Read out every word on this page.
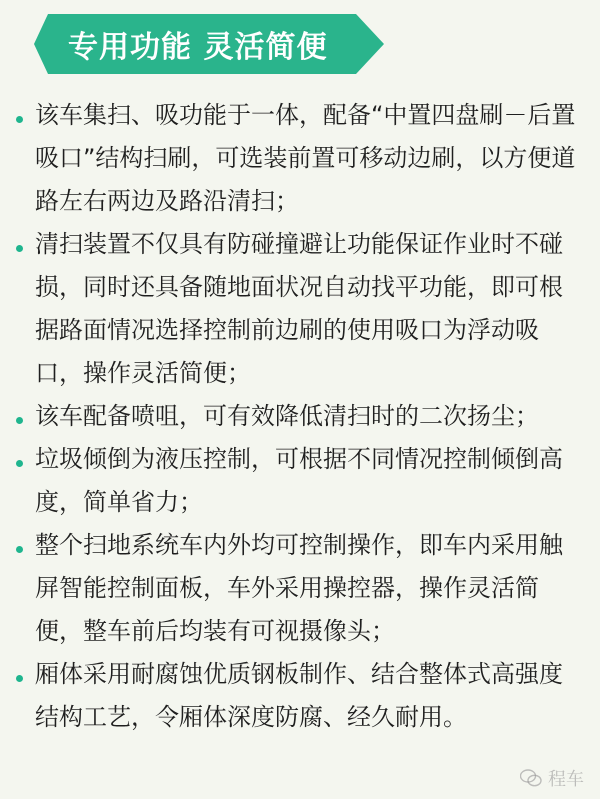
专用功能 灵活简便
该车集扫、吸功能于一体，配备“中置四盘刷－后置吸口”结构扫刷，可选装前置可移动边刷，以方便道路左右两边及路沿清扫；
清扫装置不仅具有防碰撞避让功能保证作业时不碰损，同时还具备随地面状况自动找平功能，即可根据路面情况选择控制前边刷的使用吸口为浮动吸口，操作灵活简便；
该车配备喷咀，可有效降低清扫时的二次扬尘；
垃圾倾倒为液压控制，可根据不同情况控制倾倒高度，简单省力；
整个扫地系统车内外均可控制操作，即车内采用触屏智能控制面板，车外采用操控器，操作灵活简便，整车前后均装有可视摄像头；
厢体采用耐腐蚀优质钢板制作、结合整体式高强度结构工艺，令厢体深度防腐、经久耐用。
程车
